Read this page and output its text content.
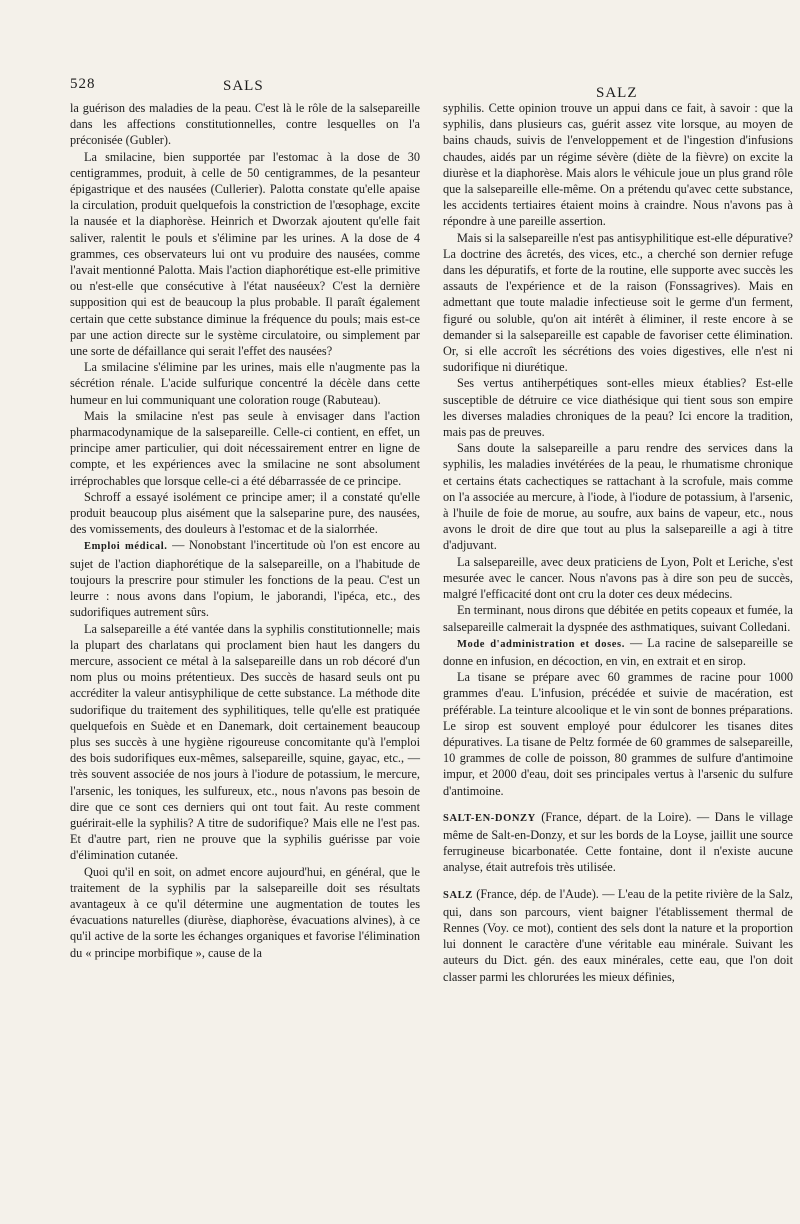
528	SALS	SALZ

la guérison des maladies de la peau. C'est là le rôle de la salsepareille dans les affections constitutionnelles, contre lesquelles on l'a préconisée (Gubler).

La smilacine, bien supportée par l'estomac à la dose de 30 centigrammes, produit, à celle de 50 centigrammes, de la pesanteur épigastrique et des nausées (Cullerier). Palotta constate qu'elle apaise la circulation, produit quelquefois la constriction de l'œsophage, excite la nausée et la diaphorèse. Heinrich et Dworzak ajoutent qu'elle fait saliver, ralentit le pouls et s'élimine par les urines. A la dose de 4 grammes, ces observateurs lui ont vu produire des nausées, comme l'avait mentionné Palotta. Mais l'action diaphorétique est-elle primitive ou n'est-elle que consécutive à l'état nauséeux? C'est la dernière supposition qui est de beaucoup la plus probable. Il paraît également certain que cette substance diminue la fréquence du pouls; mais est-ce par une action directe sur le système circulatoire, ou simplement par une sorte de défaillance qui serait l'effet des nausées?

La smilacine s'élimine par les urines, mais elle n'augmente pas la sécrétion rénale. L'acide sulfurique concentré la décèle dans cette humeur en lui communiquant une coloration rouge (Rabuteau).

Mais la smilacine n'est pas seule à envisager dans l'action pharmacodynamique de la salsepareille. Celle-ci contient, en effet, un principe amer particulier, qui doit nécessairement entrer en ligne de compte, et les expériences avec la smilacine ne sont absolument irréprochables que lorsque celle-ci a été débarrassée de ce principe.

Schroff a essayé isolément ce principe amer; il a constaté qu'elle produit beaucoup plus aisément que la salseparine pure, des nausées, des vomissements, des douleurs à l'estomac et de la sialorrhée.

Emploi médical. — Nonobstant l'incertitude où l'on est encore au sujet de l'action diaphorétique de la salsepareille, on a l'habitude de toujours la prescrire pour stimuler les fonctions de la peau. C'est un leurre : nous avons dans l'opium, le jaborandi, l'ipéca, etc., des sudorifiques autrement sûrs.

La salsepareille a été vantée dans la syphilis constitutionnelle; mais la plupart des charlatans qui proclament bien haut les dangers du mercure, associent ce métal à la salsepareille dans un rob décoré d'un nom plus ou moins prétentieux. Des succès de hasard seuls ont pu accréditer la valeur antisyphilique de cette substance. La méthode dite sudorifique du traitement des syphilitiques, telle qu'elle est pratiquée quelquefois en Suède et en Danemark, doit certainement beaucoup plus ses succès à une hygiène rigoureuse concomitante qu'à l'emploi des bois sudorifiques eux-mêmes, salsepareille, squine, gayac, etc., — très souvent associée de nos jours à l'iodure de potassium, le mercure, l'arsenic, les toniques, les sulfureux, etc., nous n'avons pas besoin de dire que ce sont ces derniers qui ont tout fait. Au reste comment guérirait-elle la syphilis? A titre de sudorifique? Mais elle ne l'est pas. Et d'autre part, rien ne prouve que la syphilis guérisse par voie d'élimination cutanée.

Quoi qu'il en soit, on admet encore aujourd'hui, en général, que le traitement de la syphilis par la salsepareille doit ses résultats avantageux à ce qu'il détermine une augmentation de toutes les évacuations naturelles (diurèse, diaphorèse, évacuations alvines), à ce qu'il active de la sorte les échanges organiques et favorise l'élimination du « principe morbifique », cause de la

syphilis. Cette opinion trouve un appui dans ce fait, à savoir : que la syphilis, dans plusieurs cas, guérit assez vite lorsque, au moyen de bains chauds, suivis de l'enveloppement et de l'ingestion d'infusions chaudes, aidés par un régime sévère (diète de la fièvre) on excite la diurèse et la diaphorèse. Mais alors le véhicule joue un plus grand rôle que la salsepareille elle-même. On a prétendu qu'avec cette substance, les accidents tertiaires étaient moins à craindre. Nous n'avons pas à répondre à une pareille assertion.

Mais si la salsepareille n'est pas antisyphilitique est-elle dépurative? La doctrine des âcretés, des vices, etc., a cherché son dernier refuge dans les dépuratifs, et forte de la routine, elle supporte avec succès les assauts de l'expérience et de la raison (Fonssagrives). Mais en admettant que toute maladie infectieuse soit le germe d'un ferment, figuré ou soluble, qu'on ait intérêt à éliminer, il reste encore à se demander si la salsepareille est capable de favoriser cette élimination. Or, si elle accroît les sécrétions des voies digestives, elle n'est ni sudorifique ni diurétique.

Ses vertus antiherpétiques sont-elles mieux établies? Est-elle susceptible de détruire ce vice diathésique qui tient sous son empire les diverses maladies chroniques de la peau? Ici encore la tradition, mais pas de preuves.

Sans doute la salsepareille a paru rendre des services dans la syphilis, les maladies invétérées de la peau, le rhumatisme chronique et certains états cachectiques se rattachant à la scrofule, mais comme on l'a associée au mercure, à l'iode, à l'iodure de potassium, à l'arsenic, à l'huile de foie de morue, au soufre, aux bains de vapeur, etc., nous avons le droit de dire que tout au plus la salsepareille a agi à titre d'adjuvant.

La salsepareille, avec deux praticiens de Lyon, Polt et Leriche, s'est mesurée avec le cancer. Nous n'avons pas à dire son peu de succès, malgré l'efficacité dont ont cru la doter ces deux médecins.

En terminant, nous dirons que débitée en petits copeaux et fumée, la salsepareille calmerait la dyspnée des asthmatiques, suivant Colledani.

Mode d'administration et doses. — La racine de salsepareille se donne en infusion, en décoction, en vin, en extrait et en sirop.

La tisane se prépare avec 60 grammes de racine pour 1000 grammes d'eau. L'infusion, précédée et suivie de macération, est préférable. La teinture alcoolique et le vin sont de bonnes préparations. Le sirop est souvent employé pour édulcorer les tisanes dites dépuratives. La tisane de Peltz formée de 60 grammes de salsepareille, 10 grammes de colle de poisson, 80 grammes de sulfure d'antimoine impur, et 2000 d'eau, doit ses principales vertus à l'arsenic du sulfure d'antimoine.

SALT-EN-DONZY (France, départ. de la Loire). — Dans le village même de Salt-en-Donzy, et sur les bords de la Loyse, jaillit une source ferrugineuse bicarbonatée. Cette fontaine, dont il n'existe aucune analyse, était autrefois très utilisée.

SALZ (France, dép. de l'Aude). — L'eau de la petite rivière de la Salz, qui, dans son parcours, vient baigner l'établissement thermal de Rennes (Voy. ce mot), contient des sels dont la nature et la proportion lui donnent le caractère d'une véritable eau minérale. Suivant les auteurs du Dict. gén. des eaux minérales, cette eau, que l'on doit classer parmi les chlorurées les mieux définies,
